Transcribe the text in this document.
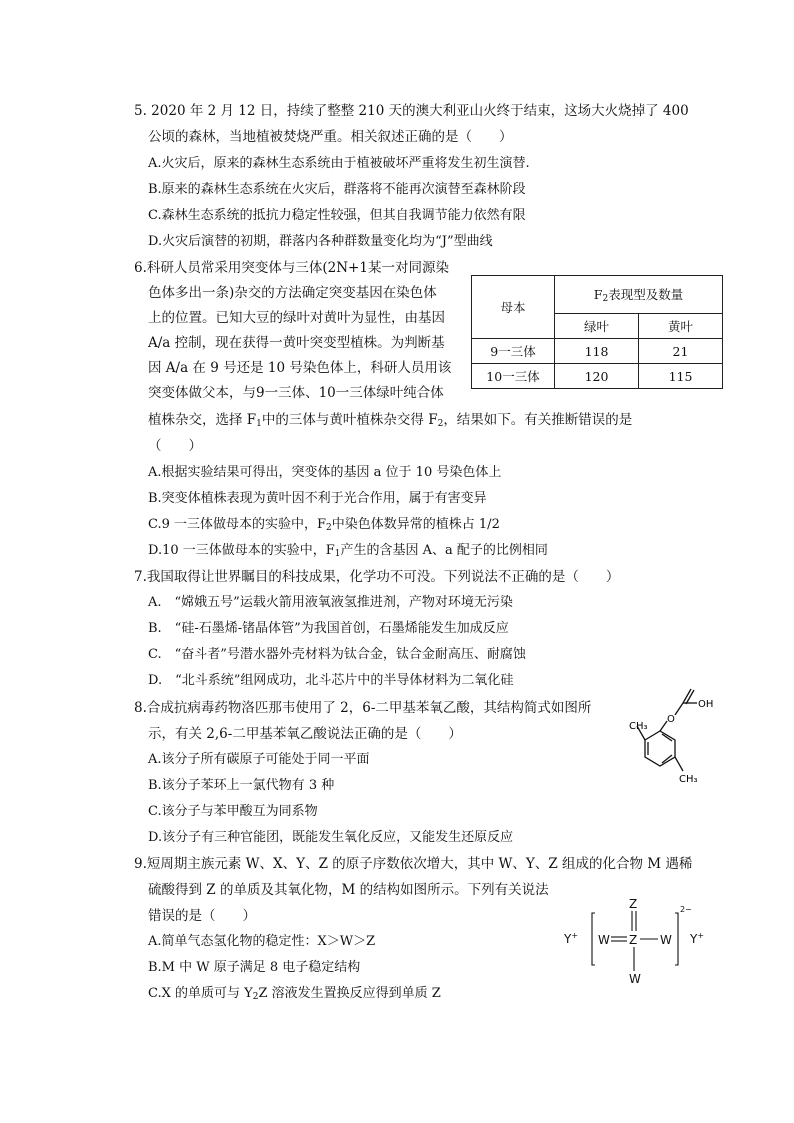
5. 2020 年 2 月 12 日，持续了整整 210 天的澳大利亚山火终于结束，这场大火烧掉了 400
公顷的森林，当地植被焚烧严重。相关叙述正确的是（　　）
A.火灾后，原来的森林生态系统由于植被破坏严重将发生初生演替.
B.原来的森林生态系统在火灾后，群落将不能再次演替至森林阶段
C.森林生态系统的抵抗力稳定性较强，但其自我调节能力依然有限
D.火灾后演替的初期，群落内各种群数量变化均为“J”型曲线
6.科研人员常采用突变体与三体(2N+1某一对同源染
色体多出一条)杂交的方法确定突变基因在染色体
上的位置。已知大豆的绿叶对黄叶为显性，由基因
A/a 控制，现在获得一黄叶突变型植株。为判断基
因 A/a 在 9 号还是 10 号染色体上，科研人员用该
突变体做父本，与9一三体、10一三体绿叶纯合体
植株杂交，选择 $F_1$中的三体与黄叶植株杂交得 $F_2$，结果如下。有关推断错误的是
（　　）
母本	$F_2$表现型及数量	
	绿叶	黄叶
9一三体	118	21
10一三体	120	115
A.根据实验结果可得出，突变体的基因 a 位于 10 号染色体上
B.突变体植株表现为黄叶因不利于光合作用，属于有害变异
C.9 一三体做母本的实验中，$F_2$中染色体数异常的植株占 1/2
D.10 一三体做母本的实验中，$F_1$产生的含基因 A、a 配子的比例相同
7.我国取得让世界瞩目的科技成果，化学功不可没。下列说法不正确的是（　　）
A.　“嫦娥五号”运载火箭用液氧液氢推进剂，产物对环境无污染
B.　“硅-石墨烯-锗晶体管”为我国首创，石墨烯能发生加成反应
C.　“奋斗者”号潜水器外壳材料为钛合金，钛合金耐高压、耐腐蚀
D.　“北斗系统”组网成功，北斗芯片中的半导体材料为二氧化硅
8.合成抗病毒药物洛匹那韦使用了 2，6-二甲基苯氧乙酸，其结构简式如图所
示，有关 2,6-二甲基苯氧乙酸说法正确的是（　　）
A.该分子所有碳原子可能处于同一平面
B.该分子苯环上一氯代物有 3 种
C.该分子与苯甲酸互为同系物
D.该分子有三种官能团，既能发生氧化反应，又能发生还原反应
CH₃
CH₃
O
OH
9.短周期主族元素 W、X、Y、Z 的原子序数依次增大，其中 W、Y、Z 组成的化合物 M 遇稀
硫酸得到 Z 的单质及其氧化物，M 的结构如图所示。下列有关说法
错误的是（　　）
A.简单气态氢化物的稳定性：X＞W＞Z
B.M 中 W 原子满足 8 电子稳定结构
C.X 的单质可与 $Y_2Z$ 溶液发生置换反应得到单质 Z
Y+ W Z
Z
W
W
2−
Y+
